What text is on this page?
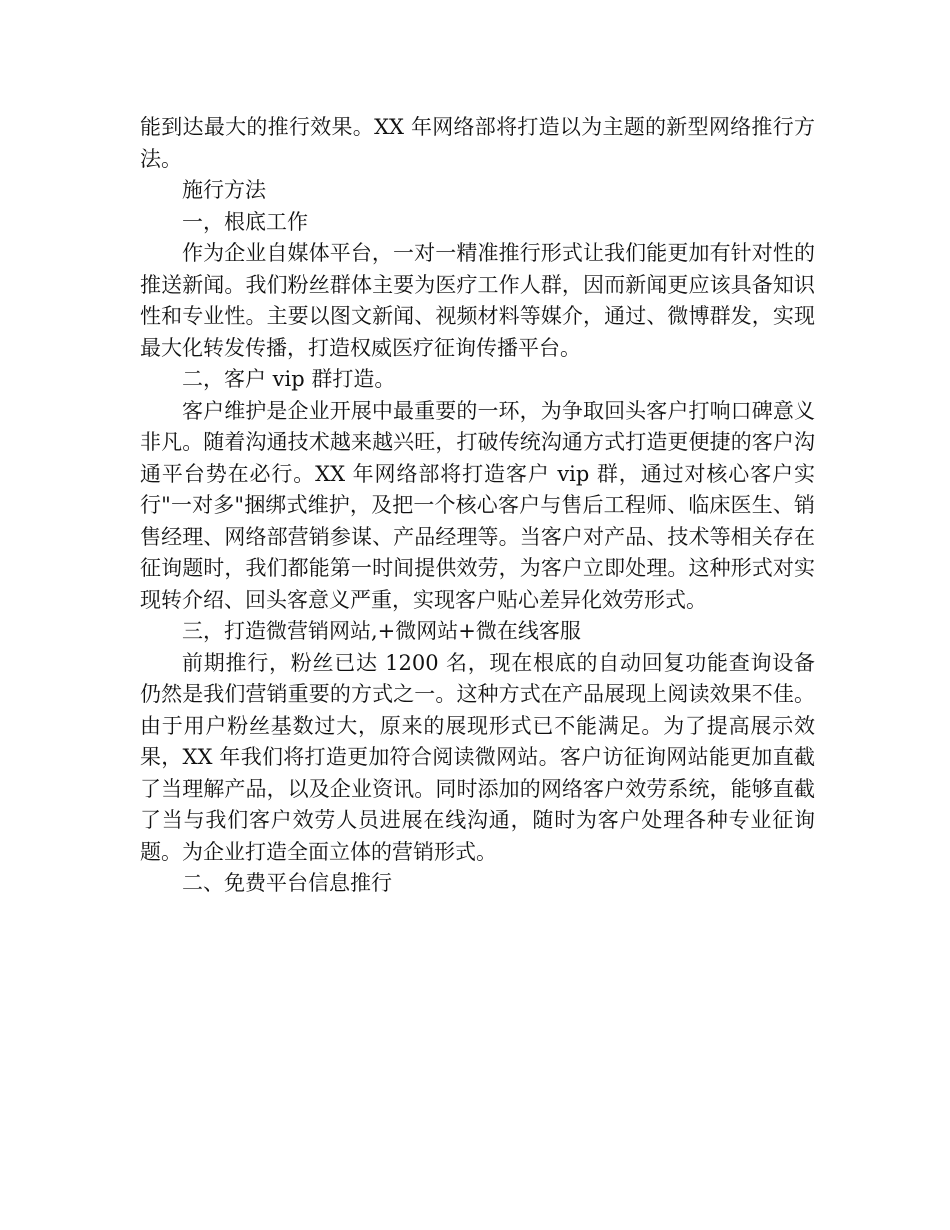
能到达最大的推行效果。XX 年网络部将打造以为主题的新型网络推行方法。

施行方法

一，根底工作

作为企业自媒体平台，一对一精准推行形式让我们能更加有针对性的推送新闻。我们粉丝群体主要为医疗工作人群，因而新闻更应该具备知识性和专业性。主要以图文新闻、视频材料等媒介，通过、微博群发，实现最大化转发传播，打造权威医疗征询传播平台。

二，客户 vip 群打造。

客户维护是企业开展中最重要的一环，为争取回头客户打响口碑意义非凡。随着沟通技术越来越兴旺，打破传统沟通方式打造更便捷的客户沟通平台势在必行。XX 年网络部将打造客户 vip 群，通过对核心客户实行"一对多"捆绑式维护，及把一个核心客户与售后工程师、临床医生、销售经理、网络部营销参谋、产品经理等。当客户对产品、技术等相关存在征询题时，我们都能第一时间提供效劳，为客户立即处理。这种形式对实现转介绍、回头客意义严重，实现客户贴心差异化效劳形式。

三，打造微营销网站,+微网站+微在线客服

前期推行，粉丝已达 1200 名，现在根底的自动回复功能查询设备仍然是我们营销重要的方式之一。这种方式在产品展现上阅读效果不佳。由于用户粉丝基数过大，原来的展现形式已不能满足。为了提高展示效果，XX 年我们将打造更加符合阅读微网站。客户访征询网站能更加直截了当理解产品，以及企业资讯。同时添加的网络客户效劳系统，能够直截了当与我们客户效劳人员进展在线沟通，随时为客户处理各种专业征询题。为企业打造全面立体的营销形式。

二、免费平台信息推行
